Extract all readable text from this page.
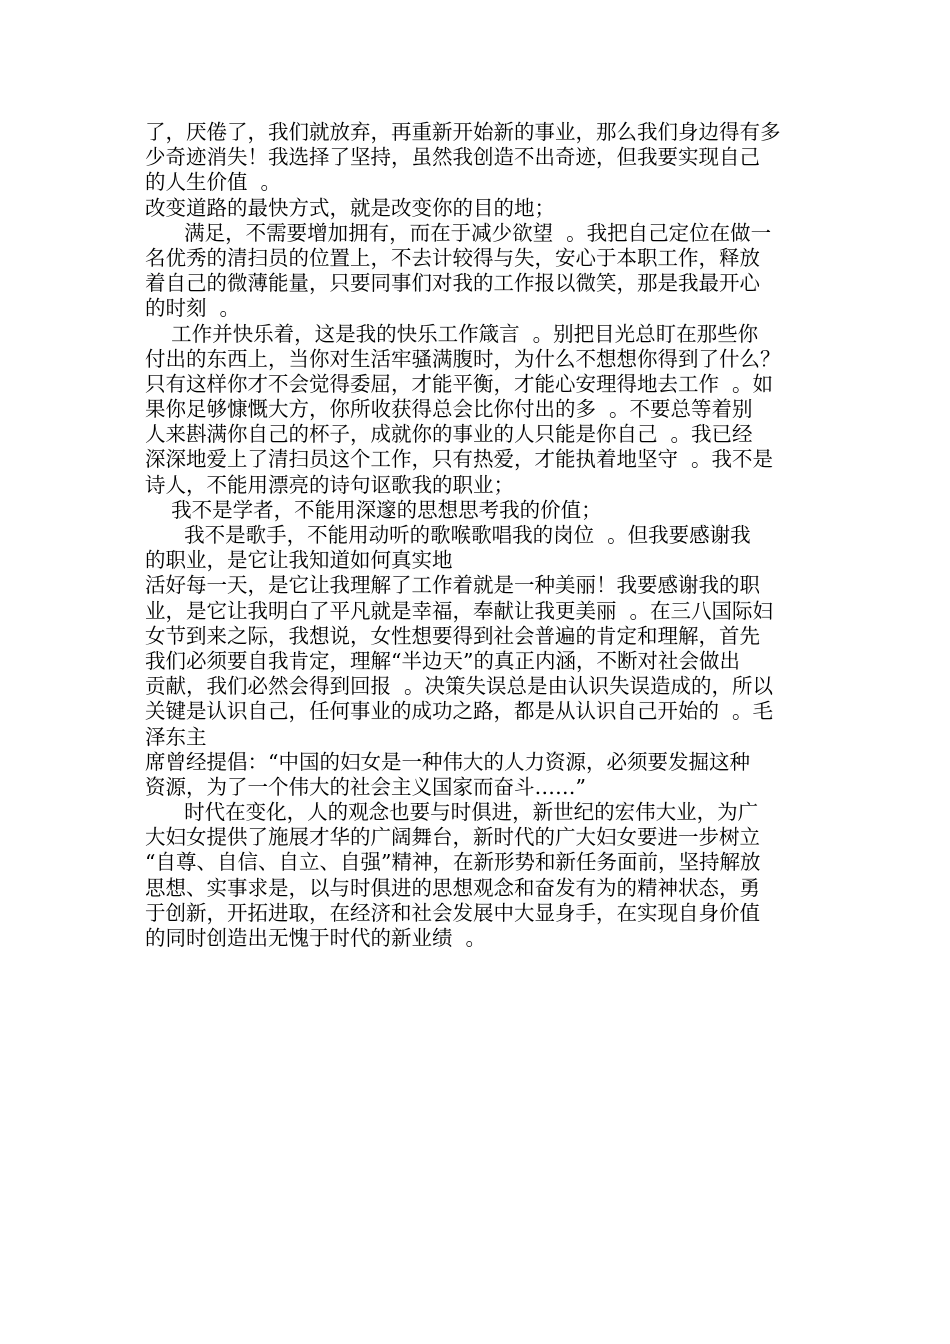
了，厌倦了，我们就放弃，再重新开始新的事业，那么我们身边得有多
少奇迹消失！我选择了坚持，虽然我创造不出奇迹，但我要实现自己
的人生价值  。
改变道路的最快方式，就是改变你的目的地；
满足，不需要增加拥有，而在于减少欲望  。我把自己定位在做一
名优秀的清扫员的位置上，不去计较得与失，安心于本职工作，释放
着自己的微薄能量，只要同事们对我的工作报以微笑，那是我最开心
的时刻  。
工作并快乐着，这是我的快乐工作箴言  。别把目光总盯在那些你
付出的东西上，当你对生活牢骚满腹时，为什么不想想你得到了什么？
只有这样你才不会觉得委屈，才能平衡，才能心安理得地去工作  。如
果你足够慷慨大方，你所收获得总会比你付出的多  。不要总等着别
人来斟满你自己的杯子，成就你的事业的人只能是你自己  。我已经
深深地爱上了清扫员这个工作，只有热爱，才能执着地坚守  。我不是
诗人，不能用漂亮的诗句讴歌我的职业；
我不是学者，不能用深邃的思想思考我的价值；
我不是歌手，不能用动听的歌喉歌唱我的岗位  。但我要感谢我
的职业，是它让我知道如何真实地
活好每一天，是它让我理解了工作着就是一种美丽！我要感谢我的职
业，是它让我明白了平凡就是幸福，奉献让我更美丽  。在三八国际妇
女节到来之际，我想说，女性想要得到社会普遍的肯定和理解，首先
我们必须要自我肯定，理解“半边天”的真正内涵，不断对社会做出
贡献，我们必然会得到回报  。决策失误总是由认识失误造成的，所以
关键是认识自己，任何事业的成功之路，都是从认识自己开始的  。毛
泽东主
席曾经提倡：“中国的妇女是一种伟大的人力资源，必须要发掘这种
资源，为了一个伟大的社会主义国家而奋斗……”
时代在变化，人的观念也要与时俱进，新世纪的宏伟大业，为广
大妇女提供了施展才华的广阔舞台，新时代的广大妇女要进一步树立
“自尊、自信、自立、自强”精神，在新形势和新任务面前，坚持解放
思想、实事求是，以与时俱进的思想观念和奋发有为的精神状态，勇
于创新，开拓进取，在经济和社会发展中大显身手，在实现自身价值
的同时创造出无愧于时代的新业绩  。
